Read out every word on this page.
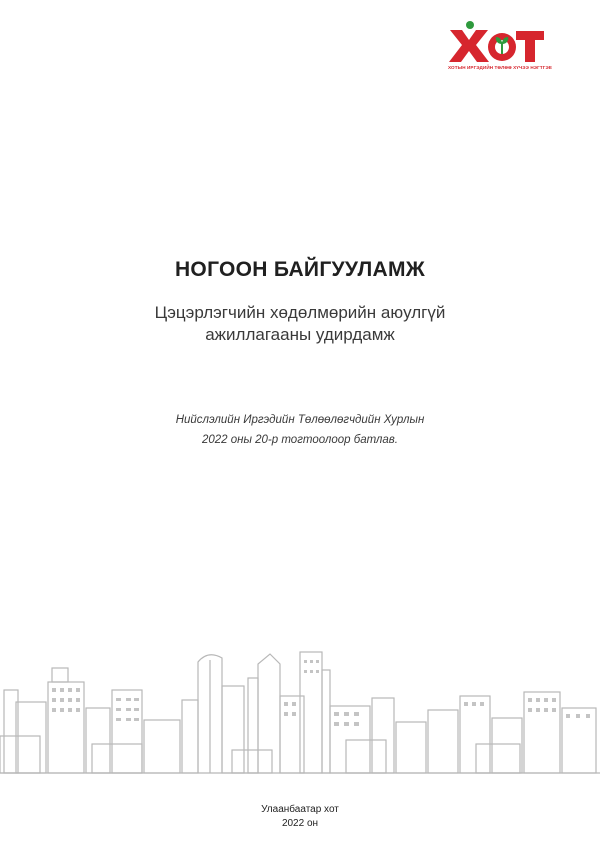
ХОТЫН ИРГЭДИЙН ТӨЛӨӨ ХҮЧЭЭ НЭГТГЭЕ
НОГООН БАЙГУУЛАМЖ
Цэцэрлэгчийн хөдөлмөрийн аюулгүй
ажиллагааны удирдамж
Нийслэлийн Иргэдийн Төлөөлөгчдийн Хурлын
2022 оны 20-р тогтоолоор батлав.
Улаанбаатар хот
2022 он
